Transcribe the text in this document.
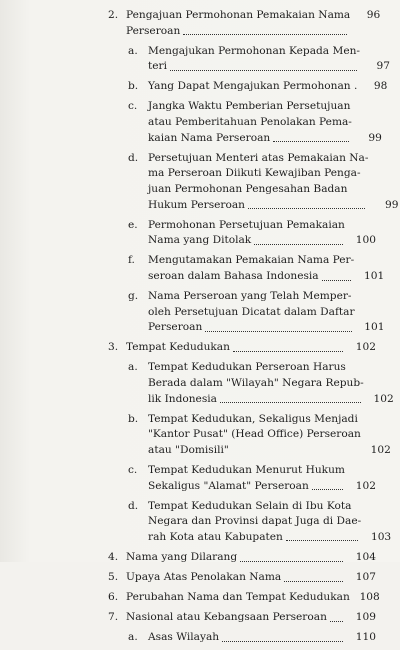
2. Pengajuan Permohonan Pemakaian Nama	96
Perseroan
a. Mengajukan Permohonan Kepada Men-
teri	97
b. Yang Dapat Mengajukan Permohonan .	98
c.	Jangka Waktu Pemberian Persetujuan
atau Pemberitahuan Penolakan Pema-
kaian Nama Perseroan	99
d. Persetujuan Menteri atas Pemakaian Na-
ma Perseroan Diikuti Kewajiban Penga-
juan Permohonan Pengesahan Badan
Hukum Perseroan	99
e. Permohonan Persetujuan Pemakaian
Nama yang Ditolak	100
f.	Mengutamakan Pemakaian Nama Per-
seroan dalam Bahasa Indonesia	101
g. Nama Perseroan yang Telah Memper-
oleh Persetujuan Dicatat dalam Daftar
Perseroan	101
3. Tempat Kedudukan	102
a. Tempat Kedudukan Perseroan Harus
Berada dalam "Wilayah" Negara Repub-
lik Indonesia	102
b. Tempat Kedudukan, Sekaligus Menjadi
"Kantor Pusat" (Head Office) Perseroan
atau "Domisili"	102
c.	Tempat Kedudukan Menurut Hukum
Sekaligus "Alamat" Perseroan	102
d. Tempat Kedudukan Selain di Ibu Kota
Negara dan Provinsi dapat Juga di Dae-
rah Kota atau Kabupaten	103
4. Nama yang Dilarang	104
5. Upaya Atas Penolakan Nama	107
6. Perubahan Nama dan Tempat Kedudukan 108
7. Nasional atau Kebangsaan Perseroan	109
a. Asas Wilayah	110
